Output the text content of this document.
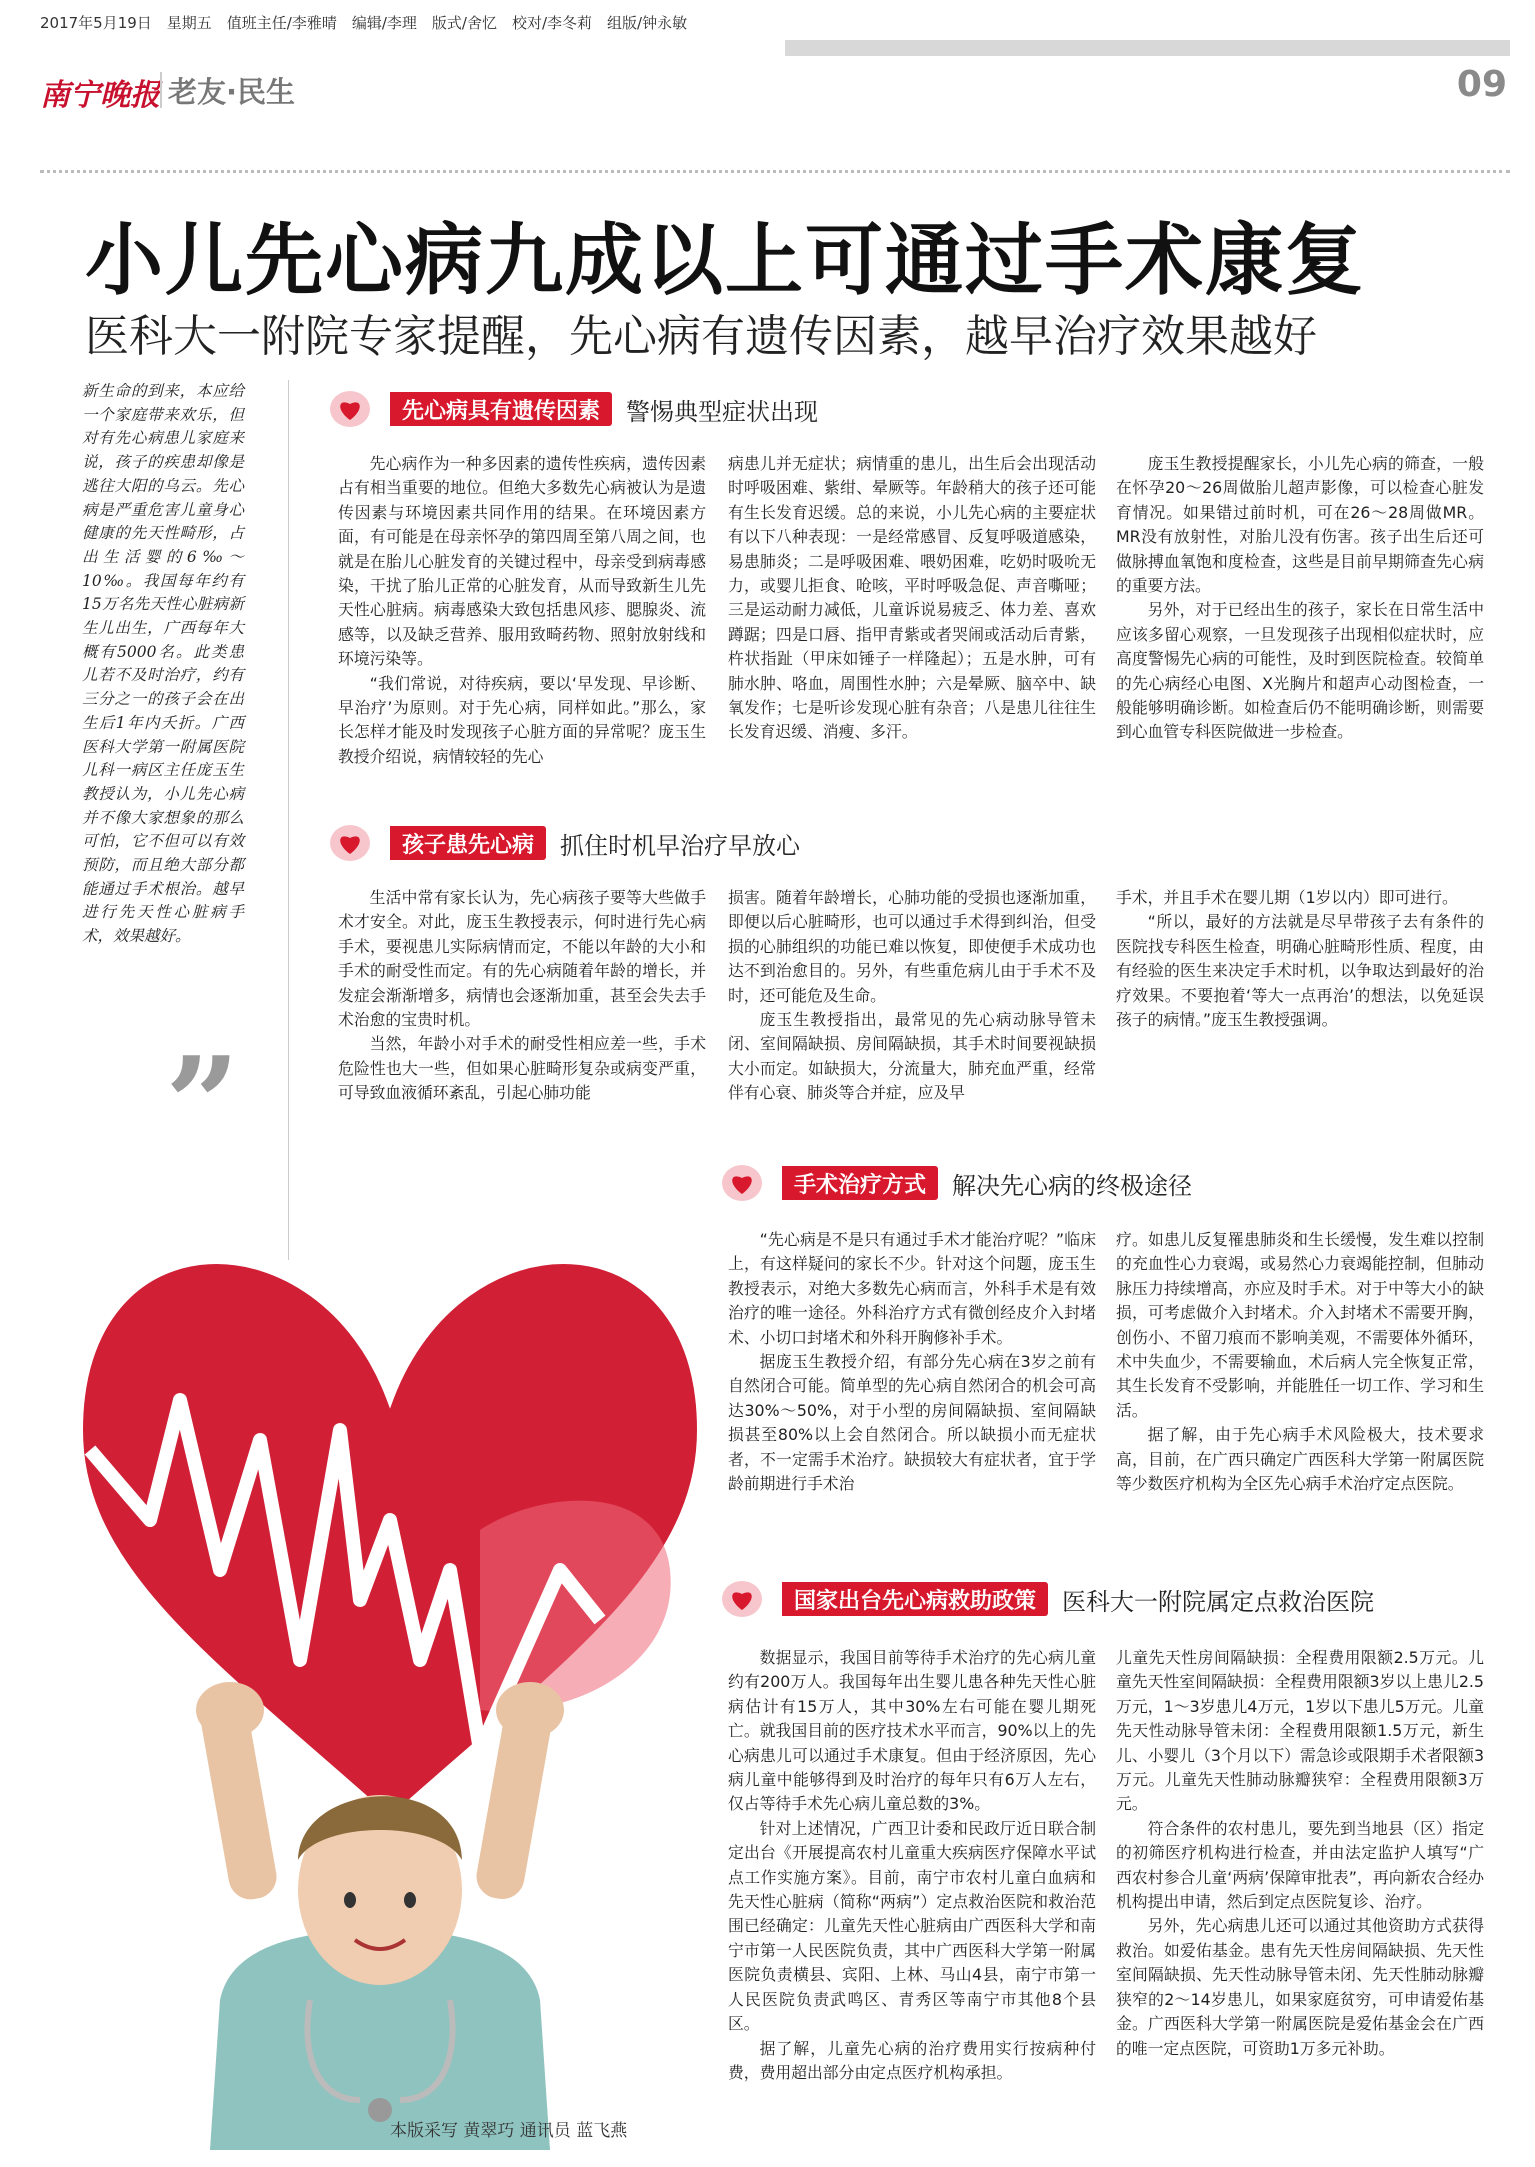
2017年5月19日　星期五　值班主任/李雅晴　编辑/李理　版式/舍忆　校对/李冬莉　组版/钟永敏
南宁晚报 老友·民生	09
小儿先心病九成以上可通过手术康复
医科大一附院专家提醒，先心病有遗传因素，越早治疗效果越好
新生命的到来，本应给一个家庭带来欢乐，但对有先心病患儿家庭来说，孩子的疾患却像是逃往大阳的乌云。先心病是严重危害儿童身心健康的先天性畸形，占出生活婴的6‰～10‰。我国每年约有15万名先天性心脏病新生儿出生，广西每年大概有5000名。此类患儿若不及时治疗，约有三分之一的孩子会在出生后1年内夭折。广西医科大学第一附属医院儿科一病区主任庞玉生教授认为，小儿先心病并不像大家想象的那么可怕，它不但可以有效预防，而且绝大部分都能通过手术根治。越早进行先天性心脏病手术，效果越好。
”
本版采写 黄翠巧 通讯员 蓝飞燕
先心病具有遗传因素	警惕典型症状出现

先心病作为一种多因素的遗传性疾病，遗传因素占有相当重要的地位。但绝大多数先心病被认为是遗传因素与环境因素共同作用的结果。在环境因素方面，有可能是在母亲怀孕的第四周至第八周之间，也就是在胎儿心脏发育的关键过程中，母亲受到病毒感染，干扰了胎儿正常的心脏发育，从而导致新生儿先天性心脏病。病毒感染大致包括患风疹、腮腺炎、流感等，以及缺乏营养、服用致畸药物、照射放射线和环境污染等。

“我们常说，对待疾病，要以‘早发现、早诊断、早治疗’为原则。对于先心病，同样如此。”那么，家长怎样才能及时发现孩子心脏方面的异常呢？庞玉生教授介绍说，病情较轻的先心

病患儿并无症状；病情重的患儿，出生后会出现活动时呼吸困难、紫绀、晕厥等。年龄稍大的孩子还可能有生长发育迟缓。总的来说，小儿先心病的主要症状有以下八种表现：一是经常感冒、反复呼吸道感染，易患肺炎；二是呼吸困难、喂奶困难，吃奶时吸吮无力，或婴儿拒食、呛咳，平时呼吸急促、声音嘶哑；三是运动耐力减低，儿童诉说易疲乏、体力差、喜欢蹲踞；四是口唇、指甲青紫或者哭闹或活动后青紫，杵状指趾（甲床如锤子一样隆起）；五是水肿，可有肺水肿、咯血，周围性水肿；六是晕厥、脑卒中、缺氧发作；七是听诊发现心脏有杂音；八是患儿往往生长发育迟缓、消瘦、多汗。

庞玉生教授提醒家长，小儿先心病的筛查，一般在怀孕20～26周做胎儿超声影像，可以检查心脏发育情况。如果错过前时机，可在26～28周做MR。MR没有放射性，对胎儿没有伤害。孩子出生后还可做脉搏血氧饱和度检查，这些是目前早期筛查先心病的重要方法。

另外，对于已经出生的孩子，家长在日常生活中应该多留心观察，一旦发现孩子出现相似症状时，应高度警惕先心病的可能性，及时到医院检查。较简单的先心病经心电图、X光胸片和超声心动图检查，一般能够明确诊断。如检查后仍不能明确诊断，则需要到心血管专科医院做进一步检查。

孩子患先心病	抓住时机早治疗早放心

生活中常有家长认为，先心病孩子要等大些做手术才安全。对此，庞玉生教授表示，何时进行先心病手术，要视患儿实际病情而定，不能以年龄的大小和手术的耐受性而定。有的先心病随着年龄的增长，并发症会渐渐增多，病情也会逐渐加重，甚至会失去手术治愈的宝贵时机。

当然，年龄小对手术的耐受性相应差一些，手术危险性也大一些，但如果心脏畸形复杂或病变严重，可导致血液循环紊乱，引起心肺功能

损害。随着年龄增长，心肺功能的受损也逐渐加重，即便以后心脏畸形，也可以通过手术得到纠治，但受损的心肺组织的功能已难以恢复，即使便手术成功也达不到治愈目的。另外，有些重危病儿由于手术不及时，还可能危及生命。

庞玉生教授指出，最常见的先心病动脉导管未闭、室间隔缺损、房间隔缺损，其手术时间要视缺损大小而定。如缺损大，分流量大，肺充血严重，经常伴有心衰、肺炎等合并症，应及早

手术，并且手术在婴儿期（1岁以内）即可进行。

“所以，最好的方法就是尽早带孩子去有条件的医院找专科医生检查，明确心脏畸形性质、程度，由有经验的医生来决定手术时机，以争取达到最好的治疗效果。不要抱着‘等大一点再治’的想法，以免延误孩子的病情。”庞玉生教授强调。

手术治疗方式	解决先心病的终极途径

“先心病是不是只有通过手术才能治疗呢？”临床上，有这样疑问的家长不少。针对这个问题，庞玉生教授表示，对绝大多数先心病而言，外科手术是有效治疗的唯一途径。外科治疗方式有微创经皮介入封堵术、小切口封堵术和外科开胸修补手术。

据庞玉生教授介绍，有部分先心病在3岁之前有自然闭合可能。简单型的先心病自然闭合的机会可高达30%～50%，对于小型的房间隔缺损、室间隔缺损甚至80%以上会自然闭合。所以缺损小而无症状者，不一定需手术治疗。缺损较大有症状者，宜于学龄前期进行手术治

疗。如患儿反复罹患肺炎和生长缓慢，发生难以控制的充血性心力衰竭，或易然心力衰竭能控制，但肺动脉压力持续增高，亦应及时手术。对于中等大小的缺损，可考虑做介入封堵术。介入封堵术不需要开胸，创伤小、不留刀痕而不影响美观，不需要体外循环，术中失血少，不需要输血，术后病人完全恢复正常，其生长发育不受影响，并能胜任一切工作、学习和生活。

据了解，由于先心病手术风险极大，技术要求高，目前，在广西只确定广西医科大学第一附属医院等少数医疗机构为全区先心病手术治疗定点医院。

国家出台先心病救助政策	医科大一附院属定点救治医院

数据显示，我国目前等待手术治疗的先心病儿童约有200万人。我国每年出生婴儿患各种先天性心脏病估计有15万人，其中30%左右可能在婴儿期死亡。就我国目前的医疗技术水平而言，90%以上的先心病患儿可以通过手术康复。但由于经济原因，先心病儿童中能够得到及时治疗的每年只有6万人左右，仅占等待手术先心病儿童总数的3%。

针对上述情况，广西卫计委和民政厅近日联合制定出台《开展提高农村儿童重大疾病医疗保障水平试点工作实施方案》。目前，南宁市农村儿童白血病和先天性心脏病（简称“两病”）定点救治医院和救治范围已经确定：儿童先天性心脏病由广西医科大学和南宁市第一人民医院负责，其中广西医科大学第一附属医院负责横县、宾阳、上林、马山4县，南宁市第一人民医院负责武鸣区、青秀区等南宁市其他8个县区。

据了解，儿童先心病的治疗费用实行按病种付费，费用超出部分由定点医疗机构承担。

儿童先天性房间隔缺损：全程费用限额2.5万元。儿童先天性室间隔缺损：全程费用限额3岁以上患儿2.5万元，1～3岁患儿4万元，1岁以下患儿5万元。儿童先天性动脉导管未闭：全程费用限额1.5万元，新生儿、小婴儿（3个月以下）需急诊或限期手术者限额3万元。儿童先天性肺动脉瓣狭窄：全程费用限额3万元。

符合条件的农村患儿，要先到当地县（区）指定的初筛医疗机构进行检查，并由法定监护人填写“广西农村参合儿童‘两病’保障审批表”，再向新农合经办机构提出申请，然后到定点医院复诊、治疗。

另外，先心病患儿还可以通过其他资助方式获得救治。如爱佑基金。患有先天性房间隔缺损、先天性室间隔缺损、先天性动脉导管未闭、先天性肺动脉瓣狭窄的2～14岁患儿，如果家庭贫穷，可申请爱佑基金。广西医科大学第一附属医院是爱佑基金会在广西的唯一定点医院，可资助1万多元补助。
